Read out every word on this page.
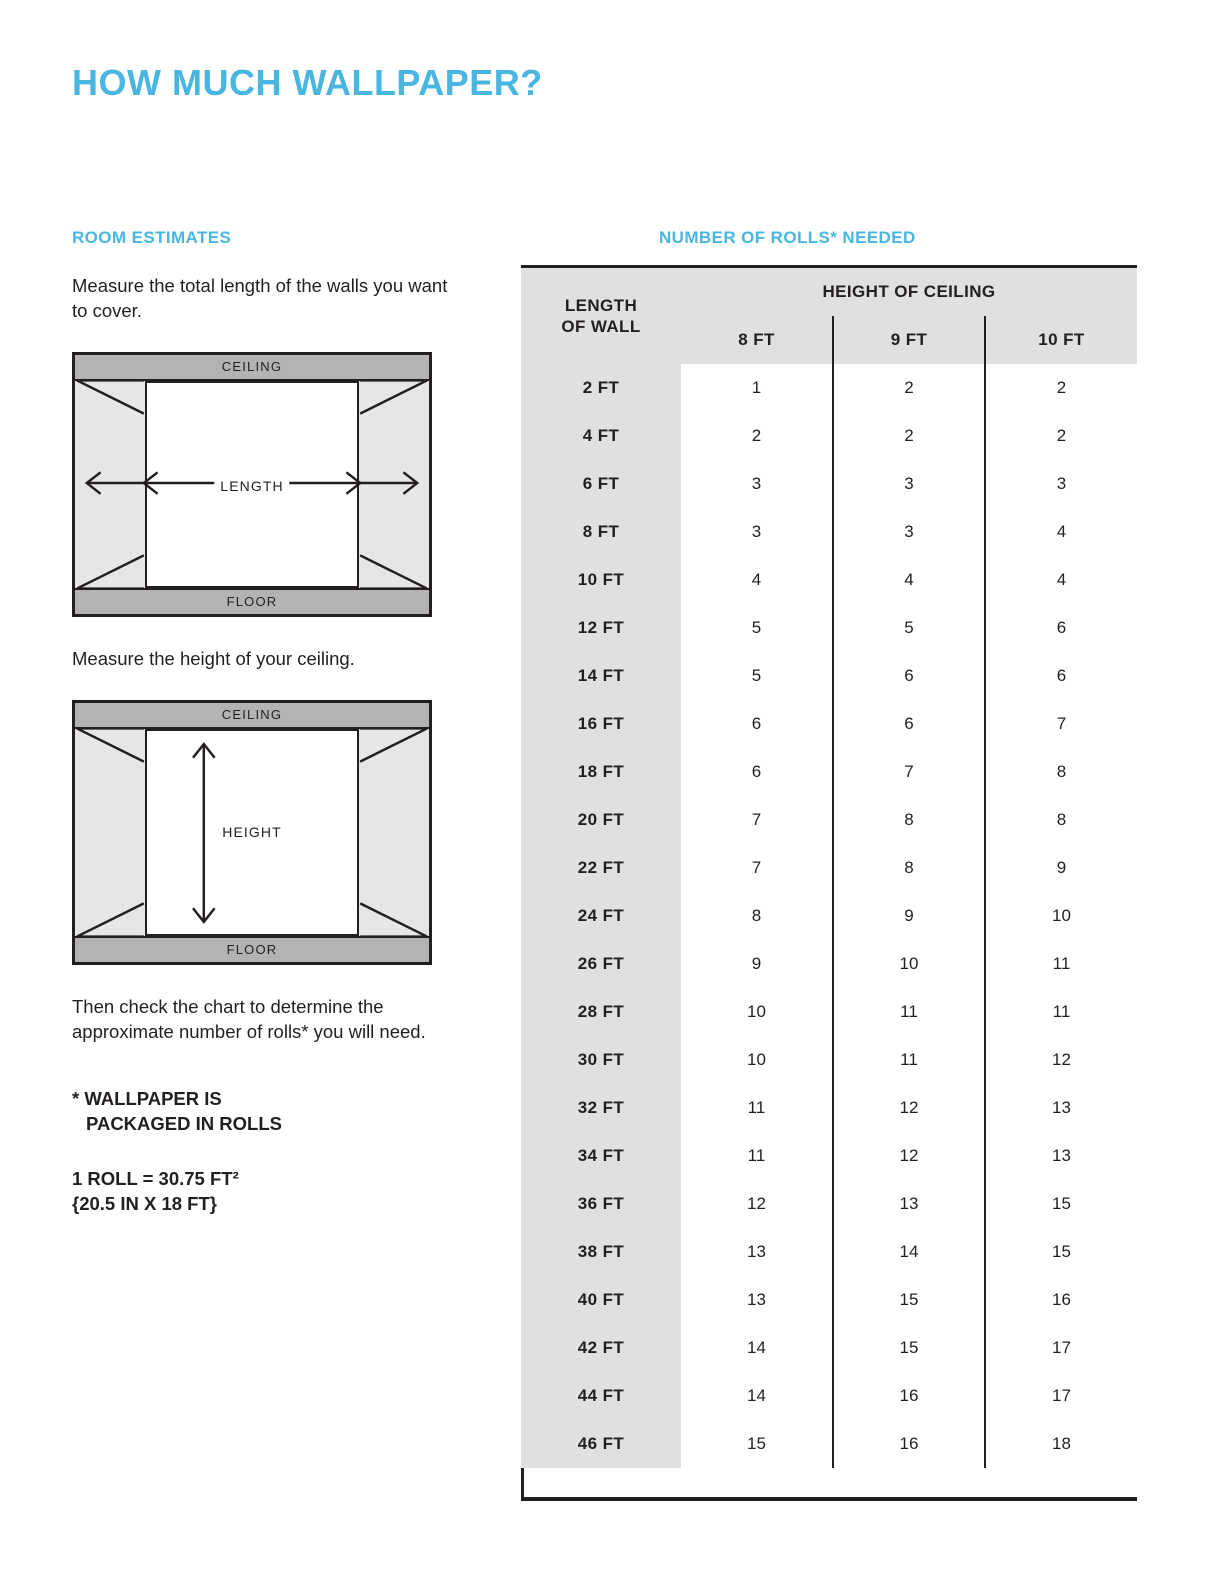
HOW MUCH WALLPAPER?
ROOM ESTIMATES

Measure the total length of the walls you want to cover.

CEILING
FLOOR
LENGTH

Measure the height of your ceiling.

CEILING
FLOOR
HEIGHT

Then check the chart to determine the approximate number of rolls* you will need.

* WALLPAPER IS
PACKAGED IN ROLLS

1 ROLL = 30.75 FT²
{20.5 IN X 18 FT}

NUMBER OF ROLLS* NEEDED
LENGTH
OF WALL	HEIGHT OF CEILING		
	8 FT	9 FT	10 FT
2 FT	1	2	2
4 FT	2	2	2
6 FT	3	3	3
8 FT	3	3	4
10 FT	4	4	4
12 FT	5	5	6
14 FT	5	6	6
16 FT	6	6	7
18 FT	6	7	8
20 FT	7	8	8
22 FT	7	8	9
24 FT	8	9	10
26 FT	9	10	11
28 FT	10	11	11
30 FT	10	11	12
32 FT	11	12	13
34 FT	11	12	13
36 FT	12	13	15
38 FT	13	14	15
40 FT	13	15	16
42 FT	14	15	17
44 FT	14	16	17
46 FT	15	16	18
